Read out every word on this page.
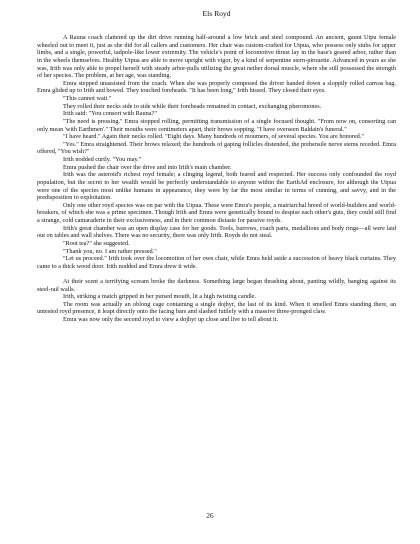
Els Royd

A Rauna coach clattered up the dirt drive running half-around a low brick and steel compound. An ancient, gaunt Utpu female wheeled out to meet it, just as she did for all callers and customers. Her chair was custom-crafted for Utpua, who possess only stubs for upper limbs, and a single, powerful, tadpole-like lower extremity. The vehicle's point of locomotive thrust lay in the base's geared arbor, rather than in the wheels themselves. Healthy Utpua are able to move upright with vigor, by a kind of serpentine stern-pirouette. Advanced in years as she was, Irith was only able to propel herself with steady arbor-pulls utilizing the great nether dorsal muscle, where she still possessed the strength of her species. The problem, at her age, was standing.

Emra stepped unassisted from the coach. When she was properly composed the driver handed down a sloppily rolled canvas bag. Emra glided up to Irith and bowed. They touched foreheads. "It has been long," Irith hissed. They closed their eyes.

"This cannot wait."

They rolled their necks side to side while their foreheads remained in contact, exchanging pheromones.

Irith said: "You consort with Rauna?"

"The need is pressing." Emra stopped rolling, permitting transmission of a single focused thought. "From now on, consorting can only mean 'with Earthmen'." Their mouths were centimeters apart, their brows sopping. "I have overseen Baldain's funeral."

"I have heard." Again their necks rolled. "Eight days. Many hundreds of mourners, of several species. You are honored."

"Yes." Emra straightened. Their brows relaxed; the hundreds of gaping follicles distended, the prehensile nerve stems receded. Emra offered, "You wish?"

Irith nodded curtly. "You may."

Emra pushed the chair over the drive and into Irith's main chamber.

Irith was the asteroid's richest royd female; a clinging legend, both feared and respected. Her success only confounded the royd population, but the secret to her wealth would be perfectly understandable to anyone within the EarthAd enclosure, for although the Utpua were one of the species most unlike humans in appearance, they were by far the most similar in terms of cunning, and savvy, and in the predisposition to exploitation.

Only one other royd species was on par with the Utpua. These were Emra's people, a matriarchal breed of world-builders and world-breakers, of which she was a prime specimen. Though Irith and Emra were genetically bound to despise each other's guts, they could still find a strange, cold camaraderie in their exclusiveness, and in their common distaste for passive royds.

Irith's great chamber was an open display case for her goods. Tools, barrows, coach parts, medallions and body rings—all were laid out on tables and wall shelves. There was no security, there was only Irith. Royds do not steal.

"Root tea?" she suggested.

"Thank you, no. I am rather pressed."

"Let us proceed." Irith took over the locomotion of her own chair, while Emra held aside a succession of heavy black curtains. They came to a thick wood door. Irith nodded and Emra drew it wide.

At their scent a terrifying scream broke the darkness. Something large began thrashing about, panting wildly, banging against its steel-rail walls.

Irith, striking a match gripped in her pursed mouth, lit a high twisting candle.

The room was actually an oblong cage containing a single dojhyr, the last of its kind. When it smelled Emra standing there, an untested royd presence, it leapt directly onto the facing bars and slashed futilely with a massive three-pronged claw.

Emra was now only the second royd to view a dojhyr up close and live to tell about it.

26
